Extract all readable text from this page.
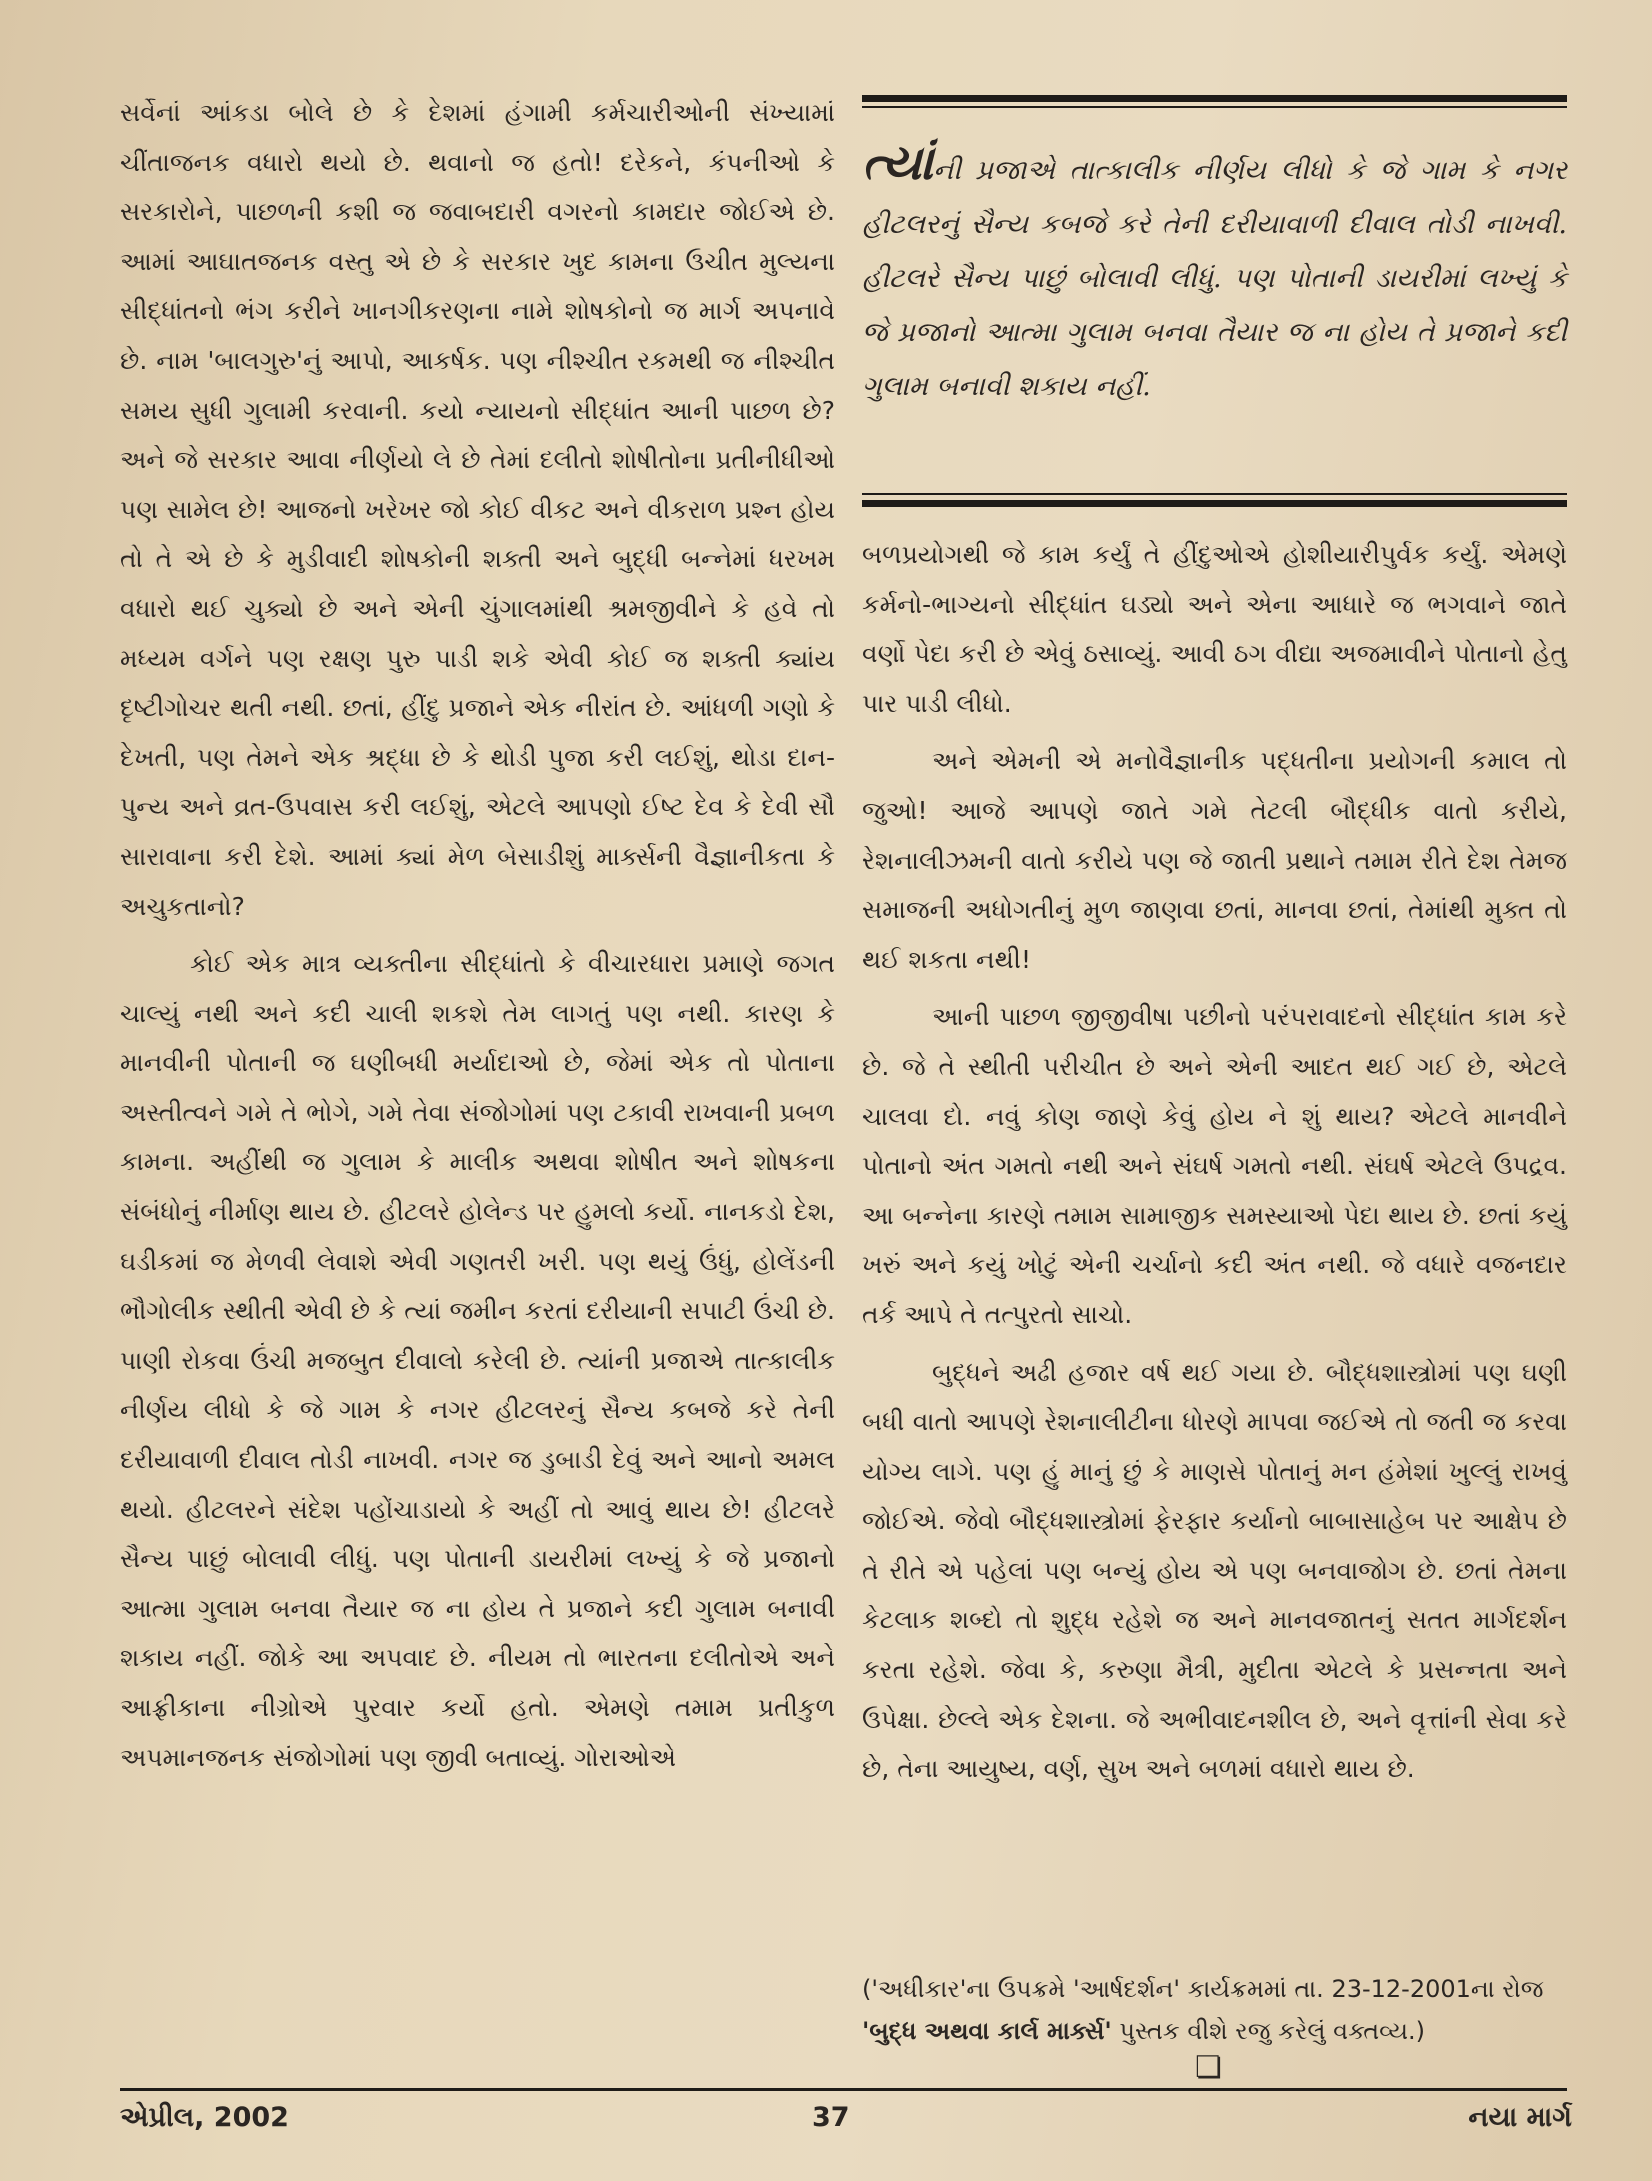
સર્વેનાં આંકડા બોલે છે કે દેશમાં હંગામી કર્મચારીઓની સંખ્યામાં ચીંતાજનક વધારો થયો છે. થવાનો જ હતો! દરેકને, કંપનીઓ કે સરકારોને, પાછળની કશી જ જવાબદારી વગરનો કામદાર જોઈએ છે. આમાં આઘાતજનક વસ્તુ એ છે કે સરકાર ખુદ કામના ઉચીત મુલ્યના સીદ્ધાંતનો ભંગ કરીને ખાનગીકરણના નામે શોષકોનો જ માર્ગ અપનાવે છે. નામ 'બાલગુરુ'નું આપો, આકર્ષક. પણ નીશ્ચીત રકમથી જ નીશ્ચીત સમય સુધી ગુલામી કરવાની. કયો ન્યાયનો સીદ્ધાંત આની પાછળ છે? અને જે સરકાર આવા નીર્ણયો લે છે તેમાં દલીતો શોષીતોના પ્રતીનીધીઓ પણ સામેલ છે! આજનો ખરેખર જો કોઈ વીકટ અને વીકરાળ પ્રશ્ન હોય તો તે એ છે કે મુડીવાદી શોષકોની શક્તી અને બુદ્ધી બન્નેમાં ધરખમ વધારો થઈ ચુક્યો છે અને એની ચુંગાલમાંથી શ્રમજીવીને કે હવે તો મધ્યમ વર્ગને પણ રક્ષણ પુરુ પાડી શકે એવી કોઈ જ શક્તી ક્યાંય દૃષ્ટીગોચર થતી નથી. છતાં, હીંદુ પ્રજાને એક નીરાંત છે. આંધળી ગણો કે દેખતી, પણ તેમને એક શ્રદ્ધા છે કે થોડી પુજા કરી લઈશું, થોડા દાન-પુન્ય અને વ્રત-ઉપવાસ કરી લઈશું, એટલે આપણો ઈષ્ટ દેવ કે દેવી સૌ સારાવાના કરી દેશે. આમાં ક્યાં મેળ બેસાડીશું માર્ક્સની વૈજ્ઞાનીકતા કે અચુકતાનો?

કોઈ એક માત્ર વ્યક્તીના સીદ્ધાંતો કે વીચારધારા પ્રમાણે જગત ચાલ્યું નથી અને કદી ચાલી શકશે તેમ લાગતું પણ નથી. કારણ કે માનવીની પોતાની જ ઘણીબધી મર્યાદાઓ છે, જેમાં એક તો પોતાના અસ્તીત્વને ગમે તે ભોગે, ગમે તેવા સંજોગોમાં પણ ટકાવી રાખવાની પ્રબળ કામના. અહીંથી જ ગુલામ કે માલીક અથવા શોષીત અને શોષકના સંબંધોનું નીર્માણ થાય છે. હીટલરે હોલેન્ડ પર હુમલો કર્યો. નાનકડો દેશ, ઘડીકમાં જ મેળવી લેવાશે એવી ગણતરી ખરી. પણ થયું ઉંધું, હોલેંડની ભૌગોલીક સ્થીતી એવી છે કે ત્યાં જમીન કરતાં દરીયાની સપાટી ઉંચી છે. પાણી રોકવા ઉંચી મજબુત દીવાલો કરેલી છે. ત્યાંની પ્રજાએ તાત્કાલીક નીર્ણય લીધો કે જે ગામ કે નગર હીટલરનું સૈન્ય કબજે કરે તેની દરીયાવાળી દીવાલ તોડી નાખવી. નગર જ ડુબાડી દેવું અને આનો અમલ થયો. હીટલરને સંદેશ પહોંચાડાયો કે અહીં તો આવું થાય છે! હીટલરે સૈન્ય પાછું બોલાવી લીધું. પણ પોતાની ડાયરીમાં લખ્યું કે જે પ્રજાનો આત્મા ગુલામ બનવા તૈયાર જ ના હોય તે પ્રજાને કદી ગુલામ બનાવી શકાય નહીં. જોકે આ અપવાદ છે. નીયમ તો ભારતના દલીતોએ અને આફ્રીકાના નીગ્રોએ પુરવાર કર્યો હતો. એમણે તમામ પ્રતીકુળ અપમાનજનક સંજોગોમાં પણ જીવી બતાવ્યું. ગોરાઓએ

ત્યાંની પ્રજાએ તાત્કાલીક નીર્ણય લીધો કે જે ગામ કે નગર હીટલરનું સૈન્ય કબજે કરે તેની દરીયાવાળી દીવાલ તોડી નાખવી. હીટલરે સૈન્ય પાછું બોલાવી લીધું. પણ પોતાની ડાયરીમાં લખ્યું કે જે પ્રજાનો આત્મા ગુલામ બનવા તૈયાર જ ના હોય તે પ્રજાને કદી ગુલામ બનાવી શકાય નહીં.

બળપ્રયોગથી જે કામ કર્યું તે હીંદુઓએ હોશીયારીપુર્વક કર્યું. એમણે કર્મનો-ભાગ્યનો સીદ્ધાંત ઘડ્યો અને એના આધારે જ ભગવાને જાતે વર્ણો પેદા કરી છે એવું ઠસાવ્યું. આવી ઠગ વીદ્યા અજમાવીને પોતાનો હેતુ પાર પાડી લીધો.

અને એમની એ મનોવૈજ્ઞાનીક પદ્ધતીના પ્રયોગની કમાલ તો જુઓ! આજે આપણે જાતે ગમે તેટલી બૌદ્ધીક વાતો કરીયે, રેશનાલીઝમની વાતો કરીયે પણ જે જાતી પ્રથાને તમામ રીતે દેશ તેમજ સમાજની અધોગતીનું મુળ જાણવા છતાં, માનવા છતાં, તેમાંથી મુક્ત તો થઈ શકતા નથી!

આની પાછળ જીજીવીષા પછીનો પરંપરાવાદનો સીદ્ધાંત કામ કરે છે. જે તે સ્થીતી પરીચીત છે અને એની આદત થઈ ગઈ છે, એટલે ચાલવા દો. નવું કોણ જાણે કેવું હોય ને શું થાય? એટલે માનવીને પોતાનો અંત ગમતો નથી અને સંઘર્ષ ગમતો નથી. સંઘર્ષ એટલે ઉપદ્રવ. આ બન્નેના કારણે તમામ સામાજીક સમસ્યાઓ પેદા થાય છે. છતાં કયું ખરું અને કયું ખોટું એની ચર્ચાનો કદી અંત નથી. જે વધારે વજનદાર તર્ક આપે તે તત્પુરતો સાચો.

બુદ્ધને અઢી હજાર વર્ષ થઈ ગયા છે. બૌદ્ધશાસ્ત્રોમાં પણ ઘણી બધી વાતો આપણે રેશનાલીટીના ધોરણે માપવા જઈએ તો જતી જ કરવા યોગ્ય લાગે. પણ હું માનું છું કે માણસે પોતાનું મન હંમેશાં ખુલ્લું રાખવું જોઈએ. જેવો બૌદ્ધશાસ્ત્રોમાં ફેરફાર કર્યાનો બાબાસાહેબ પર આક્ષેપ છે તે રીતે એ પહેલાં પણ બન્યું હોય એ પણ બનવાજોગ છે. છતાં તેમના કેટલાક શબ્દો તો શુદ્ધ રહેશે જ અને માનવજાતનું સતત માર્ગદર્શન કરતા રહેશે. જેવા કે, કરુણા મૈત્રી, મુદીતા એટલે કે પ્રસન્નતા અને ઉપેક્ષા. છેલ્લે એક દેશના. જે અભીવાદનશીલ છે, અને વૃત્તાંની સેવા કરે છે, તેના આયુષ્ય, વર્ણ, સુખ અને બળમાં વધારો થાય છે.

('અધીકાર'ના ઉપક્રમે 'આર્ષદર્શન' કાર્યક્રમમાં તા. 23-12-2001ના રોજ 'બુદ્ધ અથવા કાર્લ માર્ક્સ' પુસ્તક વીશે રજુ કરેલું વક્તવ્ય.)
❏
એપ્રીલ, 2002	37	નયા માર્ગ
